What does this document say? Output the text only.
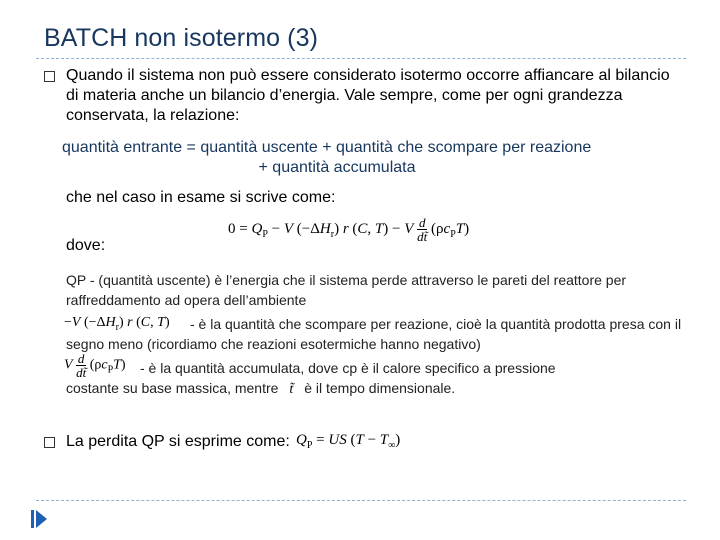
BATCH non isotermo (3)
Quando il sistema non può essere considerato isotermo occorre affiancare al bilancio di materia anche un bilancio d’energia. Vale sempre, come per ogni grandezza conservata, la relazione:
quantità entrante = quantità uscente + quantità che scompare per reazione
+ quantità accumulata
che nel caso in esame si scrive come:
$0 = Q_P - V$ $(-\Delta H_r)$ r (C, T) − V $\frac{d}{dt̃} (\rho c_PT)$
dove:
QP - (quantità uscente) è l’energia che il sistema perde attraverso le pareti del reattore per raffreddamento ad opera dell’ambiente
−V $(-\Delta H_r)$ r (C, T)	- è la quantità che scompare per reazione, cioè la quantità prodotta presa con il segno meno (ricordiamo che reazioni esotermiche hanno negativo)
V $\frac{d}{dt̃} (\rho c_PT)$	- è la quantità accumulata, dove cp è il calore specifico a pressione
costante su base massica, mentre t̃ è il tempo dimensionale.
La perdita QP si esprime come: $Q_P$ = US $(T - T_\infty)$
